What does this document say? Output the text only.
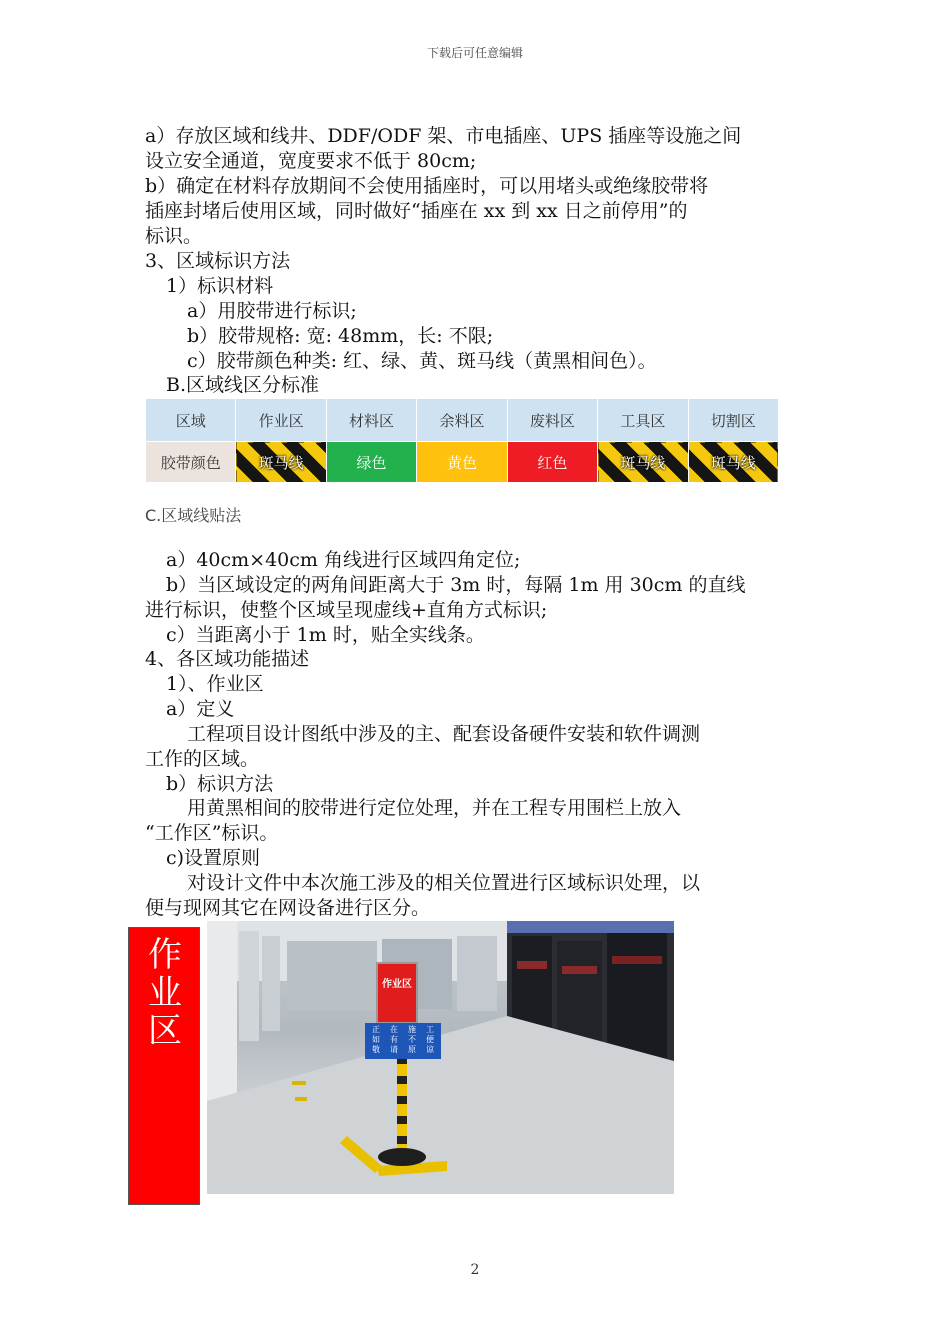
下载后可任意编辑
a）存放区域和线井、DDF/ODF 架、市电插座、UPS 插座等设施之间
设立安全通道，宽度要求不低于 80cm;
b）确定在材料存放期间不会使用插座时，可以用堵头或绝缘胶带将
插座封堵后使用区域，同时做好“插座在 xx 到 xx 日之前停用”的
标识。
3、区域标识方法
1）标识材料
a）用胶带进行标识;
b）胶带规格: 宽: 48mm，长: 不限;
c）胶带颜色种类: 红、绿、黄、斑马线（黄黑相间色）。
B.区域线区分标准
区域	作业区	材料区	余料区	废料区	工具区	切割区
胶带颜色	斑马线	绿色	黄色	红色	斑马线	斑马线
C.区域线贴法
a）40cm×40cm 角线进行区域四角定位;
b）当区域设定的两角间距离大于 3m 时，每隔 1m 用 30cm 的直线
进行标识，使整个区域呈现虚线+直角方式标识;
c）当距离小于 1m 时，贴全实线条。
4、各区域功能描述
1）、作业区
a）定义
工程项目设计图纸中涉及的主、配套设备硬件安装和软件调测
工作的区域。
b）标识方法
用黄黑相间的胶带进行定位处理，并在工程专用围栏上放入
“工作区”标识。
c)设置原则
对设计文件中本次施工涉及的相关位置进行区域标识处理，以
便与现网其它在网设备进行区分。
作
业
区
作业区
正	在	施	工
如	有	不	便
敬	请	原	谅
2
